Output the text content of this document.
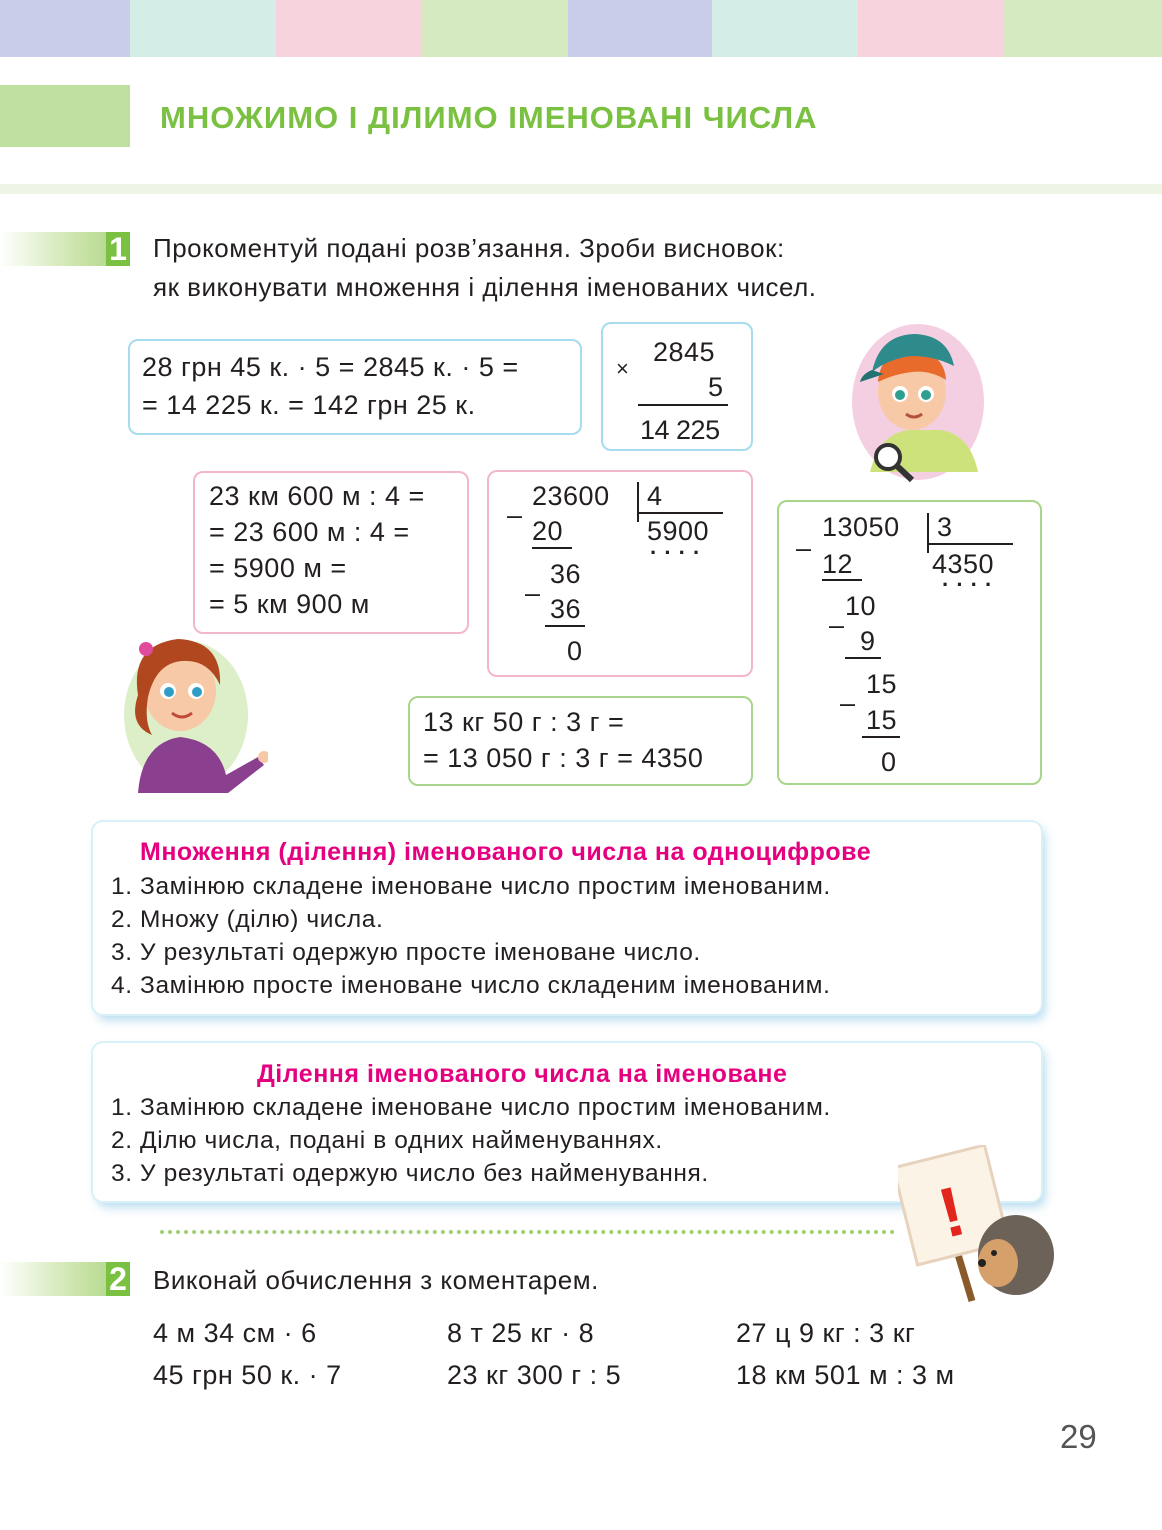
МНОЖИМО І ДІЛИМО ІМЕНОВАНІ ЧИСЛА
1 Прокоментуй подані розв’язання. Зроби висновок:
як виконувати множення і ділення іменованих чисел.
28 грн 45 к. · 5 = 2845 к. · 5 =
= 14 225 к. = 142 грн 25 к.
×
2845
5
14 225
23 км 600 м : 4 =
= 23 600 м : 4 =
= 5900 м =
= 5 км 900 м
23600 4
5900
····
–
20
36
–
36
0
13050 3
4350
····
–
12
10
–
9
15
–
15
0
13 кг 50 г : 3 г =
= 13 050 г : 3 г = 4350
Множення (ділення) іменованого числа на одноцифрове
1. Замінюю складене іменоване число простим іменованим.
2. Множу (ділю) числа.
3. У результаті одержую просте іменоване число.
4. Замінюю просте іменоване число складеним іменованим.
Ділення іменованого числа на іменоване
1. Замінюю складене іменоване число простим іменованим.
2. Ділю числа, подані в одних найменуваннях.
3. У результаті одержую число без найменування.	!
2 Виконай обчислення з коментарем.
4 м 34 см · 6	8 т 25 кг · 8	27 ц 9 кг : 3 кг
45 грн 50 к. · 7	23 кг 300 г : 5	18 км 501 м : 3 м
29
